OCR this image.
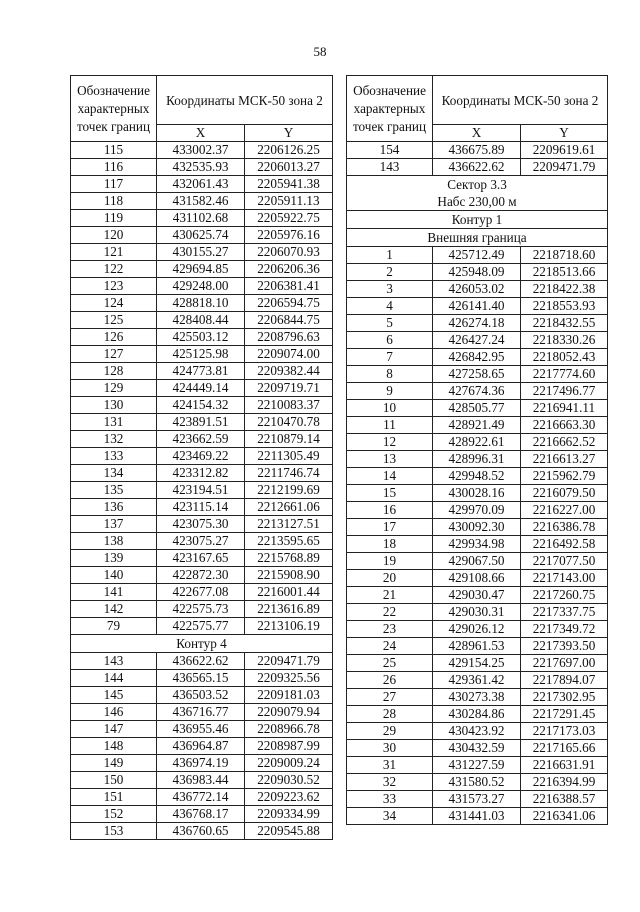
58
Обозначение характерных точек границ	Координаты МСК-50 зона 2	
	X	Y
115	433002.37	2206126.25
116	432535.93	2206013.27
117	432061.43	2205941.38
118	431582.46	2205911.13
119	431102.68	2205922.75
120	430625.74	2205976.16
121	430155.27	2206070.93
122	429694.85	2206206.36
123	429248.00	2206381.41
124	428818.10	2206594.75
125	428408.44	2206844.75
126	425503.12	2208796.63
127	425125.98	2209074.00
128	424773.81	2209382.44
129	424449.14	2209719.71
130	424154.32	2210083.37
131	423891.51	2210470.78
132	423662.59	2210879.14
133	423469.22	2211305.49
134	423312.82	2211746.74
135	423194.51	2212199.69
136	423115.14	2212661.06
137	423075.30	2213127.51
138	423075.27	2213595.65
139	423167.65	2215768.89
140	422872.30	2215908.90
141	422677.08	2216001.44
142	422575.73	2213616.89
79	422575.77	2213106.19
Контур 4		
143	436622.62	2209471.79
144	436565.15	2209325.56
145	436503.52	2209181.03
146	436716.77	2209079.94
147	436955.46	2208966.78
148	436964.87	2208987.99
149	436974.19	2209009.24
150	436983.44	2209030.52
151	436772.14	2209223.62
152	436768.17	2209334.99
153	436760.65	2209545.88
Обозначение характерных точек границ	Координаты МСК-50 зона 2	
	X	Y
154	436675.89	2209619.61
143	436622.62	2209471.79

Сектор 3.3
Набс 230,00 м		

Контур 1		
Внешняя граница		
1	425712.49	2218718.60
2	425948.09	2218513.66
3	426053.02	2218422.38
4	426141.40	2218553.93
5	426274.18	2218432.55
6	426427.24	2218330.26
7	426842.95	2218052.43
8	427258.65	2217774.60
9	427674.36	2217496.77
10	428505.77	2216941.11
11	428921.49	2216663.30
12	428922.61	2216662.52
13	428996.31	2216613.27
14	429948.52	2215962.79
15	430028.16	2216079.50
16	429970.09	2216227.00
17	430092.30	2216386.78
18	429934.98	2216492.58
19	429067.50	2217077.50
20	429108.66	2217143.00
21	429030.47	2217260.75
22	429030.31	2217337.75
23	429026.12	2217349.72
24	428961.53	2217393.50
25	429154.25	2217697.00
26	429361.42	2217894.07
27	430273.38	2217302.95
28	430284.86	2217291.45
29	430423.92	2217173.03
30	430432.59	2217165.66
31	431227.59	2216631.91
32	431580.52	2216394.99
33	431573.27	2216388.57
34	431441.03	2216341.06
